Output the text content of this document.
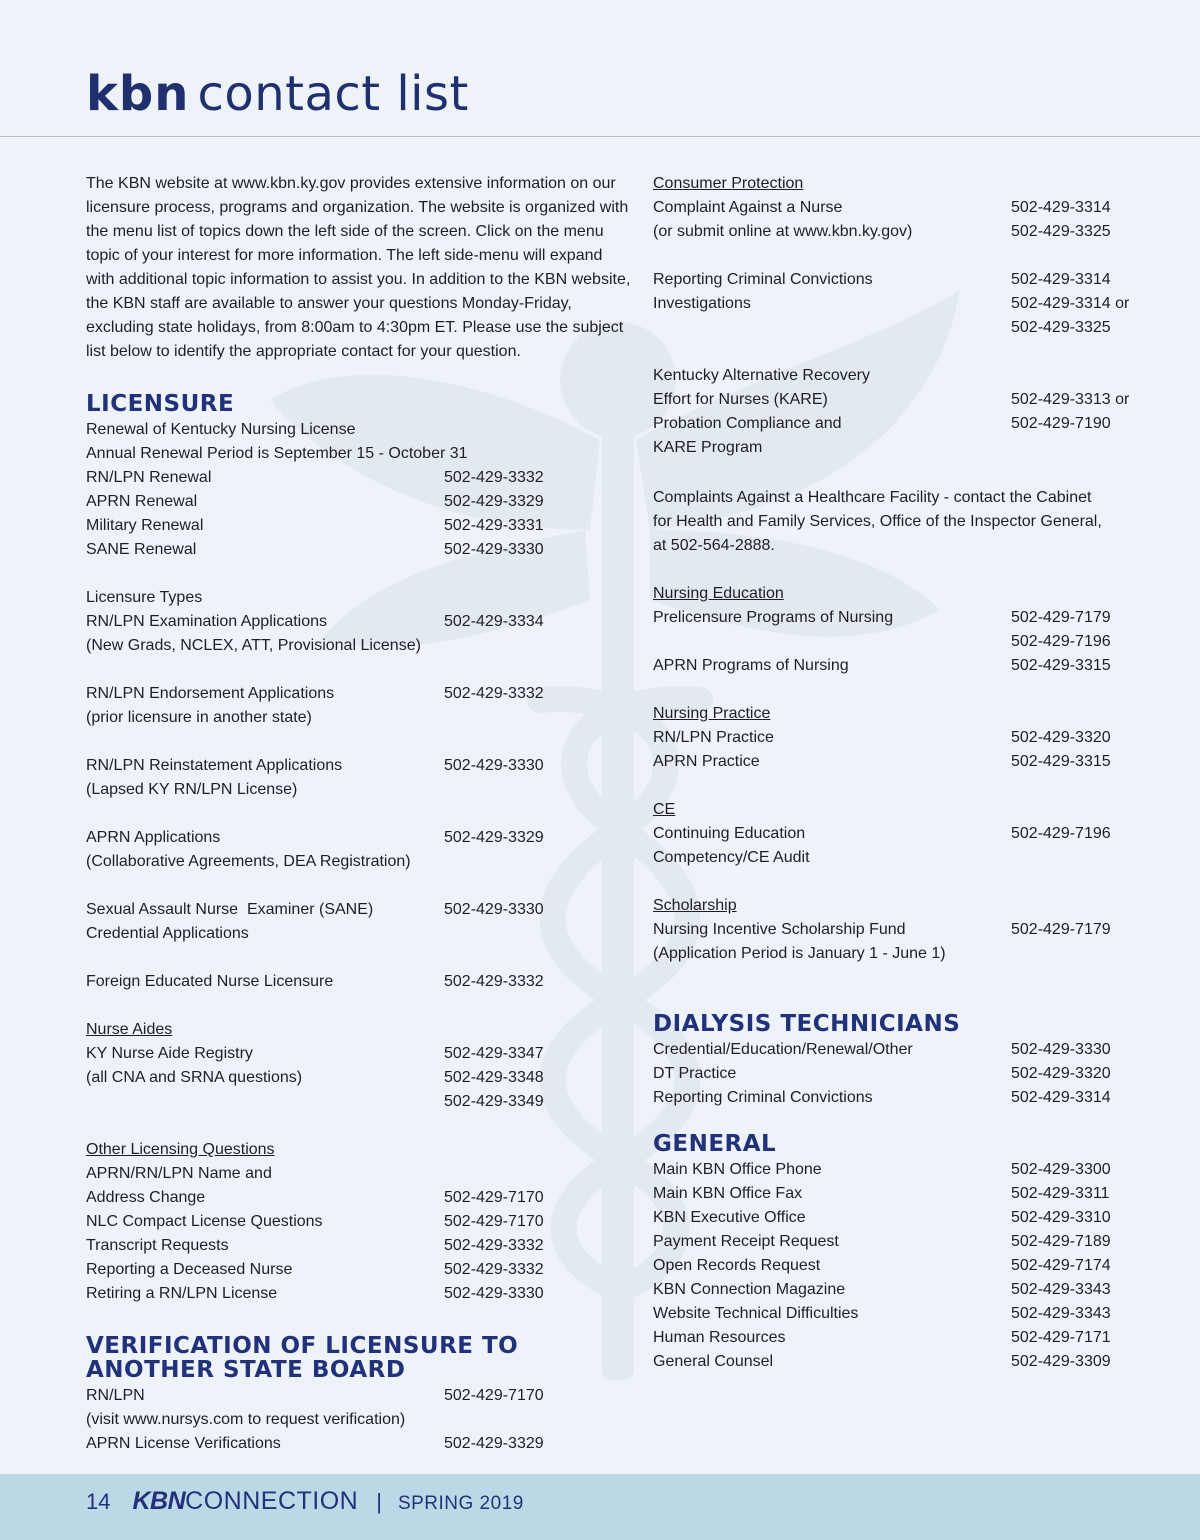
kbn contact list

The KBN website at www.kbn.ky.gov provides extensive information on our licensure process, programs and organization. The website is organized with the menu list of topics down the left side of the screen. Click on the menu topic of your interest for more information. The left side-menu will expand with additional topic information to assist you. In addition to the KBN website, the KBN staff are available to answer your questions Monday-Friday, excluding state holidays, from 8:00am to 4:30pm ET. Please use the subject list below to identify the appropriate contact for your question.

LICENSURE
Renewal of Kentucky Nursing License
Annual Renewal Period is September 15 - October 31
RN/LPN Renewal	502-429-3332
APRN Renewal	502-429-3329
Military Renewal	502-429-3331
SANE Renewal	502-429-3330
Licensure Types
RN/LPN Examination Applications	502-429-3334
(New Grads, NCLEX, ATT, Provisional License)
RN/LPN Endorsement Applications	502-429-3332
(prior licensure in another state)
RN/LPN Reinstatement Applications	502-429-3330
(Lapsed KY RN/LPN License)
APRN Applications	502-429-3329
(Collaborative Agreements, DEA Registration)
Sexual Assault Nurse  Examiner (SANE)	502-429-3330
Credential Applications
Foreign Educated Nurse Licensure	502-429-3332
Nurse Aides
KY Nurse Aide Registry	502-429-3347
(all CNA and SRNA questions)	502-429-3348
502-429-3349
Other Licensing Questions
APRN/RN/LPN Name and
Address Change	502-429-7170
NLC Compact License Questions	502-429-7170
Transcript Requests	502-429-3332
Reporting a Deceased Nurse	502-429-3332
Retiring a RN/LPN License	502-429-3330
VERIFICATION OF LICENSURE TO
ANOTHER STATE BOARD
RN/LPN	502-429-7170
(visit www.nursys.com to request verification)
APRN License Verifications	502-429-3329
Consumer Protection
Complaint Against a Nurse	502-429-3314
(or submit online at www.kbn.ky.gov)	502-429-3325
Reporting Criminal Convictions	502-429-3314
Investigations	502-429-3314 or
502-429-3325
Kentucky Alternative Recovery
Effort for Nurses (KARE)	502-429-3313 or
Probation Compliance and	502-429-7190
KARE Program

Complaints Against a Healthcare Facility - contact the Cabinet for Health and Family Services, Office of the Inspector General, at 502-564-2888.

Nursing Education
Prelicensure Programs of Nursing	502-429-7179
502-429-7196
APRN Programs of Nursing	502-429-3315
Nursing Practice
RN/LPN Practice	502-429-3320
APRN Practice	502-429-3315
CE
Continuing Education	502-429-7196
Competency/CE Audit
Scholarship
Nursing Incentive Scholarship Fund	502-429-7179
(Application Period is January 1 - June 1)
DIALYSIS TECHNICIANS
Credential/Education/Renewal/Other	502-429-3330
DT Practice	502-429-3320
Reporting Criminal Convictions	502-429-3314
GENERAL
Main KBN Office Phone	502-429-3300
Main KBN Office Fax	502-429-3311
KBN Executive Office	502-429-3310
Payment Receipt Request	502-429-7189
Open Records Request	502-429-7174
KBN Connection Magazine	502-429-3343
Website Technical Difficulties	502-429-3343
Human Resources	502-429-7171
General Counsel	502-429-3309
14 KBN CONNECTION | SPRING 2019
